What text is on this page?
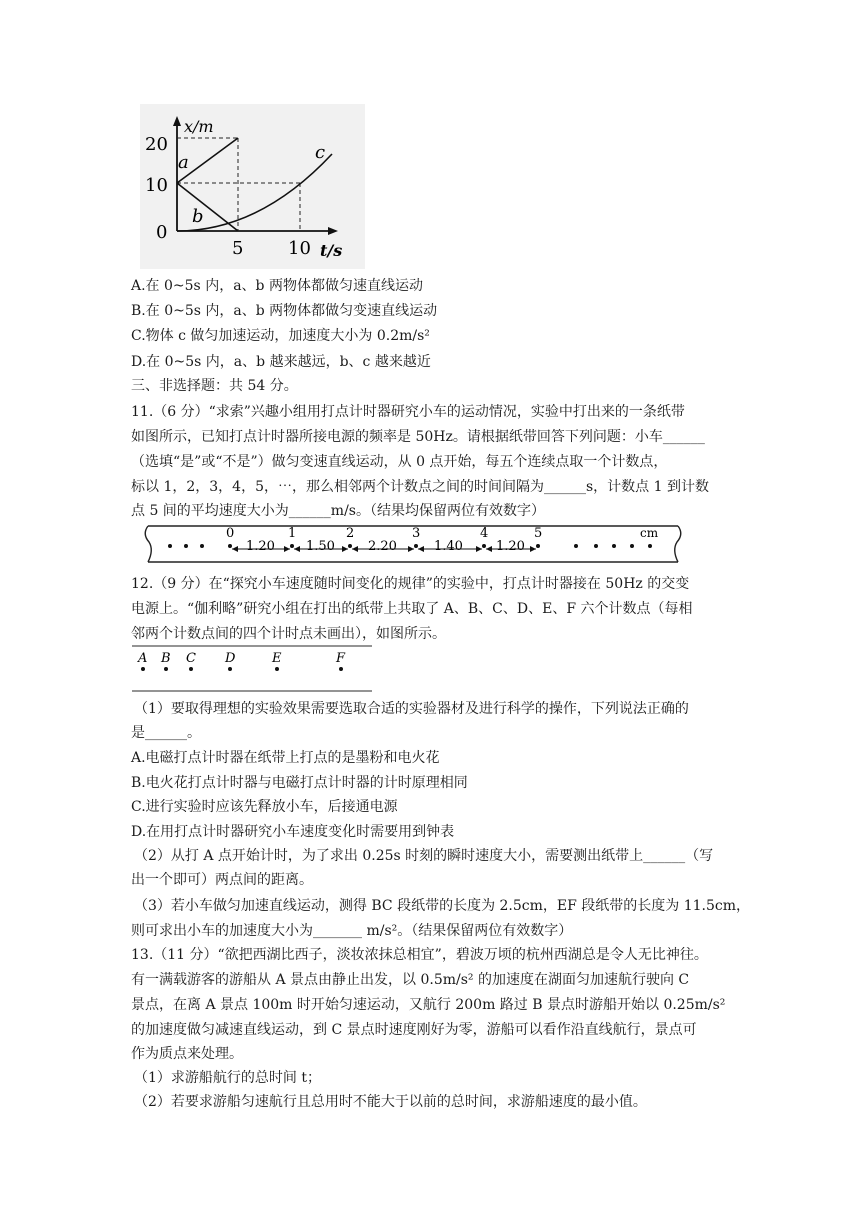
x/m
t/s
20
10
0
5 10
a
b
c
A.在 0~5s 内，a、b 两物体都做匀速直线运动
B.在 0~5s 内，a、b 两物体都做匀变速直线运动
C.物体 c 做匀加速运动，加速度大小为 0.2m/s²
D.在 0~5s 内，a、b 越来越远，b、c 越来越近
三、非选择题：共 54 分。
11.（6 分）“求索”兴趣小组用打点计时器研究小车的运动情况，实验中打出来的一条纸带
如图所示，已知打点计时器所接电源的频率是 50Hz。请根据纸带回答下列问题：小车______
（选填“是”或“不是”）做匀变速直线运动，从 0 点开始，每五个连续点取一个计数点，
标以 1，2，3，4，5，⋯，那么相邻两个计数点之间的时间间隔为______s，计数点 1 到计数
点 5 间的平均速度大小为______m/s。（结果均保留两位有效数字）
0	1	2	3	4	5
1.20 1.50	2.20	1.40	1.20
cm
12.（9 分）在“探究小车速度随时间变化的规律”的实验中，打点计时器接在 50Hz 的交变
电源上。“伽利略”研究小组在打出的纸带上共取了 A、B、C、D、E、F 六个计数点（每相
邻两个计数点间的四个计时点未画出），如图所示。
A B C D	E	F
（1）要取得理想的实验效果需要选取合适的实验器材及进行科学的操作，下列说法正确的
是______。
A.电磁打点计时器在纸带上打点的是墨粉和电火花
B.电火花打点计时器与电磁打点计时器的计时原理相同
C.进行实验时应该先释放小车，后接通电源
D.在用打点计时器研究小车速度变化时需要用到钟表
（2）从打 A 点开始计时，为了求出 0.25s 时刻的瞬时速度大小，需要测出纸带上______（写
出一个即可）两点间的距离。
（3）若小车做匀加速直线运动，测得 BC 段纸带的长度为 2.5cm，EF 段纸带的长度为 11.5cm，
则可求出小车的加速度大小为_______ m/s²。（结果保留两位有效数字）
13.（11 分）“欲把西湖比西子，淡妆浓抹总相宜”，碧波万顷的杭州西湖总是令人无比神往。
有一满载游客的游船从 A 景点由静止出发，以 0.5m/s² 的加速度在湖面匀加速航行驶向 C
景点，在离 A 景点 100m 时开始匀速运动，又航行 200m 路过 B 景点时游船开始以 0.25m/s²
的加速度做匀减速直线运动，到 C 景点时速度刚好为零，游船可以看作沿直线航行，景点可
作为质点来处理。
（1）求游船航行的总时间 t；
（2）若要求游船匀速航行且总用时不能大于以前的总时间，求游船速度的最小值。
